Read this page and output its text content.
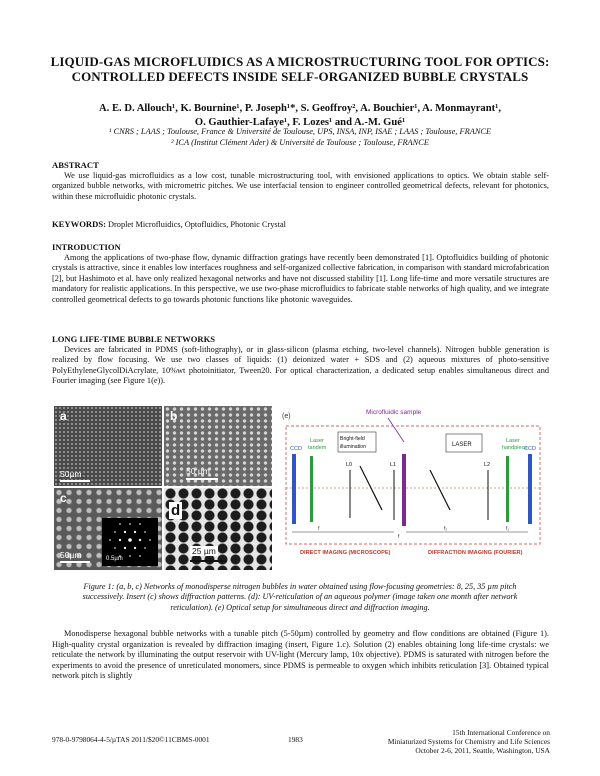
LIQUID-GAS MICROFLUIDICS AS A MICROSTRUCTURING TOOL FOR OPTICS: CONTROLLED DEFECTS INSIDE SELF-ORGANIZED BUBBLE CRYSTALS
A. E. D. Allouch¹, K. Bournine¹, P. Joseph¹*, S. Geoffroy², A. Bouchier¹, A. Monmayrant¹,
O. Gauthier-Lafaye¹, F. Lozes¹ and A.-M. Gué¹
¹ CNRS ; LAAS ; Toulouse, France & Université de Toulouse, UPS, INSA, INP, ISAE ; LAAS ; Toulouse, FRANCE
² ICA (Institut Clément Ader) & Université de Toulouse ; Toulouse, FRANCE
ABSTRACT
We use liquid-gas microfluidics as a low cost, tunable microstructuring tool, with envisioned applications to optics. We obtain stable self-organized bubble networks, with micrometric pitches. We use interfacial tension to engineer controlled geometrical defects, relevant for photonics, within these microfluidic photonic crystals.
KEYWORDS: Droplet Microfluidics, Optofluidics, Photonic Crystal
INTRODUCTION
Among the applications of two-phase flow, dynamic diffraction gratings have recently been demonstrated [1]. Optofluidics building of photonic crystals is attractive, since it enables low interfaces roughness and self-organized collective fabrication, in comparison with standard microfabrication [2], but Hashimoto et al. have only realized hexagonal networks and have not discussed stability [1]. Long life-time and more versatile structures are mandatory for realistic applications. In this perspective, we use two-phase microfluidics to fabricate stable networks of high quality, and we integrate controlled geometrical defects to go towards photonic functions like photonic waveguides.
LONG LIFE-TIME BUBBLE NETWORKS
Devices are fabricated in PDMS (soft-lithography), or in glass-silicon (plasma etching, two-level channels). Nitrogen bubble generation is realized by flow focusing. We use two classes of liquids: (1) deionized water + SDS and (2) aqueous mixtures of photo-sensitive PolyEthyleneGlycolDiAcrylate, 10%wt photoinitiator, Tween20. For optical characterization, a dedicated setup enables simultaneous direct and Fourier imaging (see Figure 1(e)).
a
50µm
b
50 µm
c
0.5µm
50µm
d
25 µm
(e)
Microfluidic sample
CCD
Laser
tandem
Bright-field
illumination
L0	L1
LASER
L2
Laser
handpiece
CCD
f
f
f₂	f₁
DIRECT IMAGING (MICROSCOPE)	DIFFRACTION IMAGING (FOURIER)
Figure 1: (a, b, c) Networks of monodisperse nitrogen bubbles in water obtained using flow-focusing geometries: 8, 25, 35 µm pitch successively. Insert (c) shows diffraction patterns. (d): UV-reticulation of an aqueous polymer (image taken one month after network reticulation). (e) Optical setup for simultaneous direct and diffraction imaging.
Monodisperse hexagonal bubble networks with a tunable pitch (5-50µm) controlled by geometry and flow conditions are obtained (Figure 1). High-quality crystal organization is revealed by diffraction imaging (insert, Figure 1.c). Solution (2) enables obtaining long life-time crystals: we reticulate the network by illuminating the output reservoir with UV-light (Mercury lamp, 10x objective). PDMS is saturated with nitrogen before the experiments to avoid the presence of unreticulated monomers, since PDMS is permeable to oxygen which inhibits reticulation [3]. Obtained typical network pitch is slightly
978-0-9798064-4-5/µTAS 2011/$20©11CBMS-0001	1983
15th International Conference on
Miniaturized Systems for Chemistry and Life Sciences
October 2-6, 2011, Seattle, Washington, USA
